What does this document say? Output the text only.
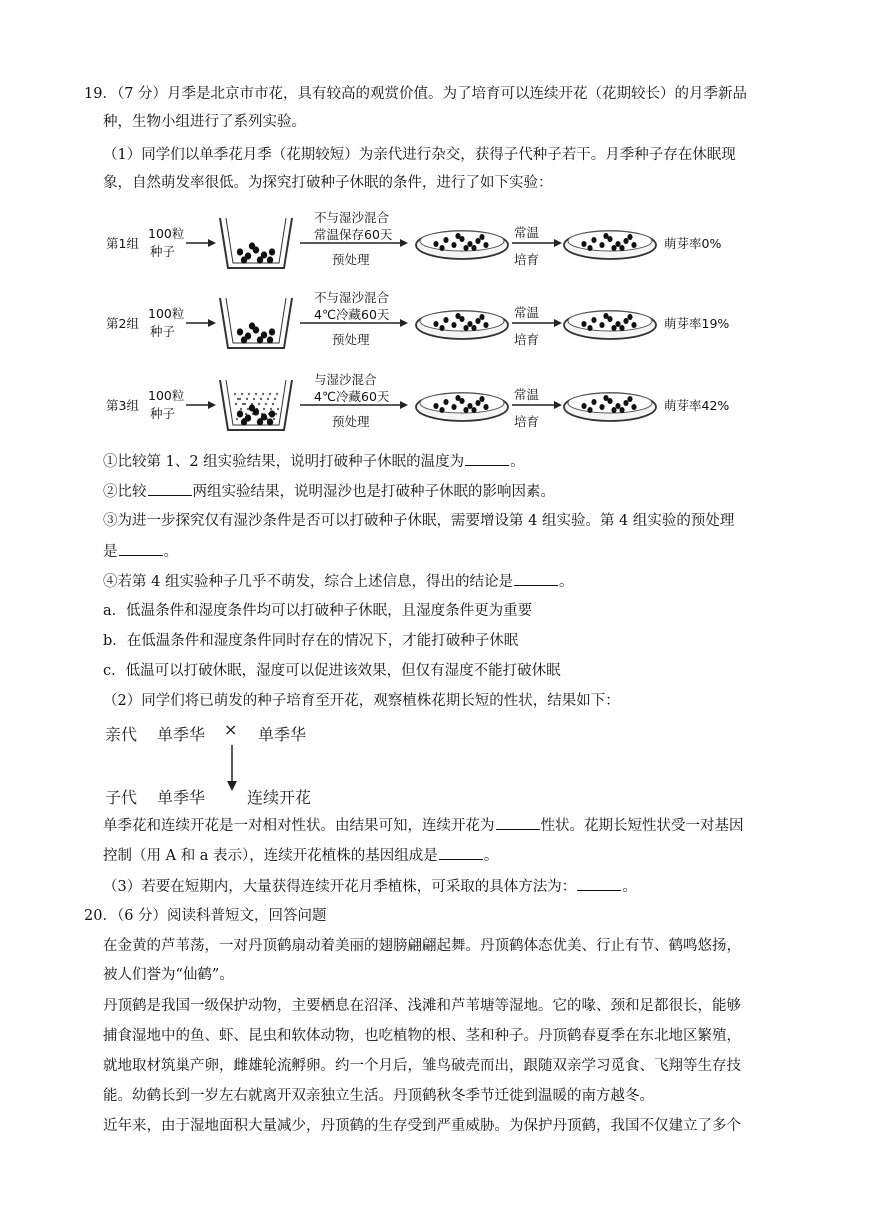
19．（7 分）月季是北京市市花，具有较高的观赏价值。为了培育可以连续开花（花期较长）的月季新品
种，生物小组进行了系列实验。
（1）同学们以单季花月季（花期较短）为亲代进行杂交，获得子代种子若干。月季种子存在休眠现
象，自然萌发率很低。为探究打破种子休眠的条件，进行了如下实验：
第1组
100粒
种子
不与湿沙混合
常温保存60天
预处理
常温
培育
萌芽率0%
第2组
100粒
种子
不与湿沙混合
4℃冷藏60天
预处理
常温
培育
萌芽率19%
第3组
100粒
种子
与湿沙混合
4℃冷藏60天
预处理
常温
培育
萌芽率42%
①比较第 1、2 组实验结果，说明打破种子休眠的温度为	。
②比较	两组实验结果，说明湿沙也是打破种子休眠的影响因素。
③为进一步探究仅有湿沙条件是否可以打破种子休眠，需要增设第 4 组实验。第 4 组实验的预处理
是	。
④若第 4 组实验种子几乎不萌发，综合上述信息，得出的结论是	。
a．低温条件和湿度条件均可以打破种子休眠，且湿度条件更为重要
b．在低温条件和湿度条件同时存在的情况下，才能打破种子休眠
c．低温可以打破休眠，湿度可以促进该效果，但仅有湿度不能打破休眠
（2）同学们将已萌发的种子培育至开花，观察植株花期长短的性状，结果如下：
亲代 单季华 × 单季华
子代 单季华	连续开花
单季花和连续开花是一对相对性状。由结果可知，连续开花为	性状。花期长短性状受一对基因
控制（用 A 和 a 表示），连续开花植株的基因组成是	。
（3）若要在短期内，大量获得连续开花月季植株，可采取的具体方法为：	。
20．（6 分）阅读科普短文，回答问题
在金黄的芦苇荡，一对丹顶鹤扇动着美丽的翅膀翩翩起舞。丹顶鹤体态优美、行止有节、鹤鸣悠扬，
被人们誉为“仙鹤”。
丹顶鹤是我国一级保护动物，主要栖息在沼泽、浅滩和芦苇塘等湿地。它的喙、颈和足都很长，能够
捕食湿地中的鱼、虾、昆虫和软体动物，也吃植物的根、茎和种子。丹顶鹤春夏季在东北地区繁殖，
就地取材筑巢产卵，雌雄轮流孵卵。约一个月后，雏鸟破壳而出，跟随双亲学习觅食、飞翔等生存技
能。幼鹤长到一岁左右就离开双亲独立生活。丹顶鹤秋冬季节迁徙到温暖的南方越冬。
近年来，由于湿地面积大量减少，丹顶鹤的生存受到严重威胁。为保护丹顶鹤，我国不仅建立了多个
